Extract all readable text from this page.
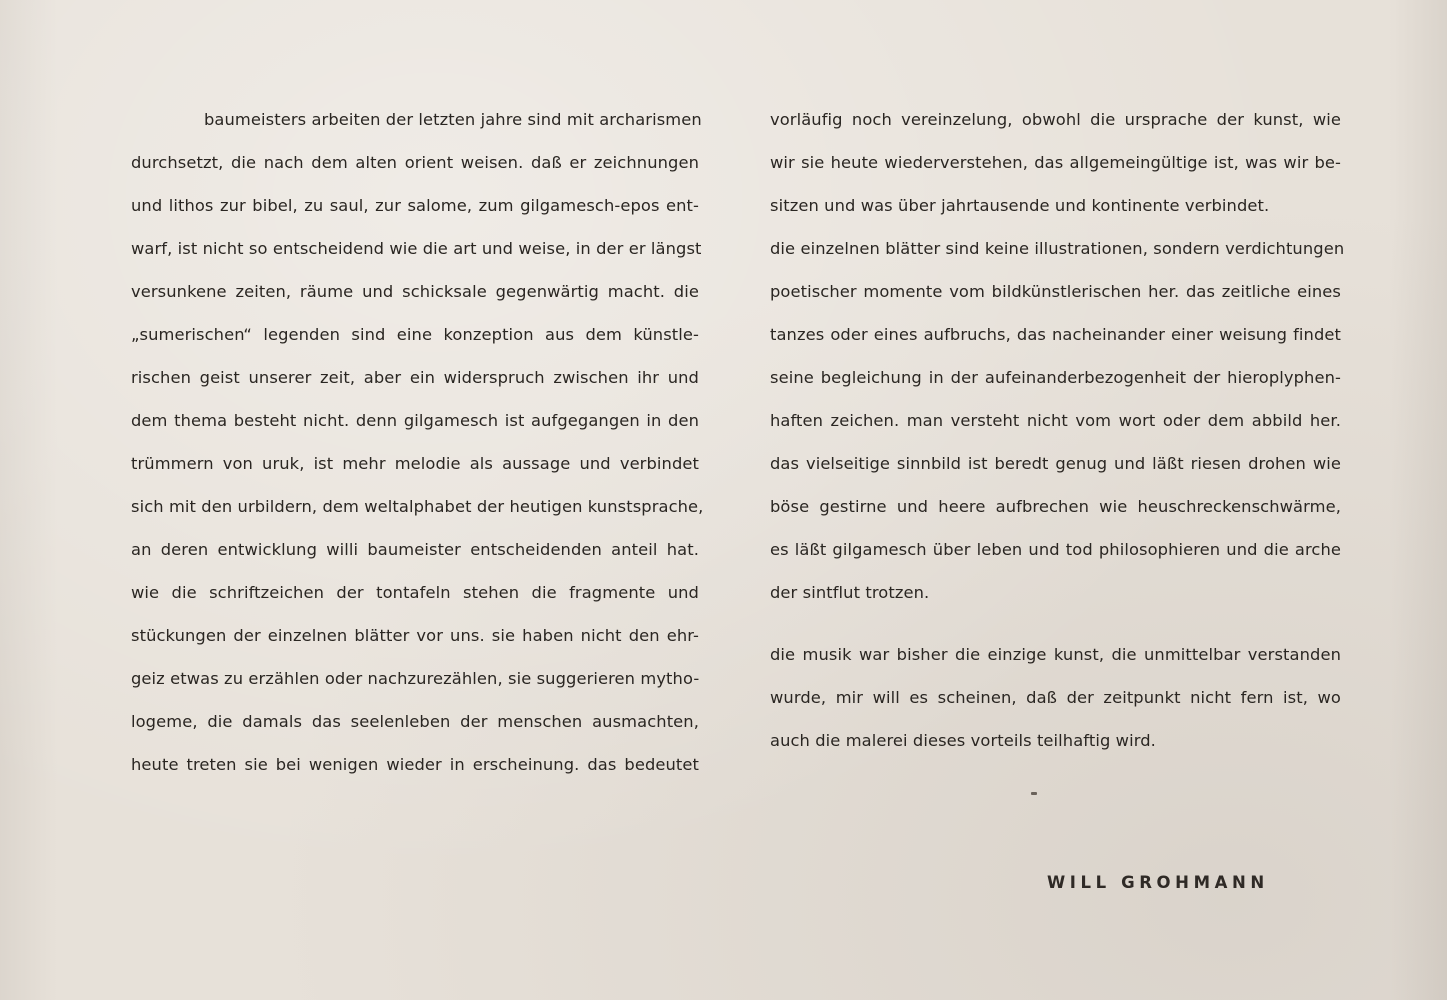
baumeisters arbeiten der letzten jahre sind mit archarismen
durchsetzt, die nach dem alten orient weisen. daß er zeichnungen
und lithos zur bibel, zu saul, zur salome, zum gilgamesch-epos ent-
warf, ist nicht so entscheidend wie die art und weise, in der er längst
versunkene zeiten, räume und schicksale gegenwärtig macht. die
„sumerischen“ legenden sind eine konzeption aus dem künstle-
rischen geist unserer zeit, aber ein widerspruch zwischen ihr und
dem thema besteht nicht. denn gilgamesch ist aufgegangen in den
trümmern von uruk, ist mehr melodie als aussage und verbindet
sich mit den urbildern, dem weltalphabet der heutigen kunstsprache,
an deren entwicklung willi baumeister entscheidenden anteil hat.
wie die schriftzeichen der tontafeln stehen die fragmente und
stückungen der einzelnen blätter vor uns. sie haben nicht den ehr-
geiz etwas zu erzählen oder nachzurezählen, sie suggerieren mytho-
logeme, die damals das seelenleben der menschen ausmachten,
heute treten sie bei wenigen wieder in erscheinung. das bedeutet
vorläufig noch vereinzelung, obwohl die ursprache der kunst, wie
wir sie heute wiederverstehen, das allgemeingültige ist, was wir be-
sitzen und was über jahrtausende und kontinente verbindet.
die einzelnen blätter sind keine illustrationen, sondern verdichtungen
poetischer momente vom bildkünstlerischen her. das zeitliche eines
tanzes oder eines aufbruchs, das nacheinander einer weisung findet
seine begleichung in der aufeinanderbezogenheit der hieroplyphen-
haften zeichen. man versteht nicht vom wort oder dem abbild her.
das vielseitige sinnbild ist beredt genug und läßt riesen drohen wie
böse gestirne und heere aufbrechen wie heuschreckenschwärme,
es läßt gilgamesch über leben und tod philosophieren und die arche
der sintflut trotzen.
die musik war bisher die einzige kunst, die unmittelbar verstanden
wurde, mir will es scheinen, daß der zeitpunkt nicht fern ist, wo
auch die malerei dieses vorteils teilhaftig wird.
WILL GROHMANN
